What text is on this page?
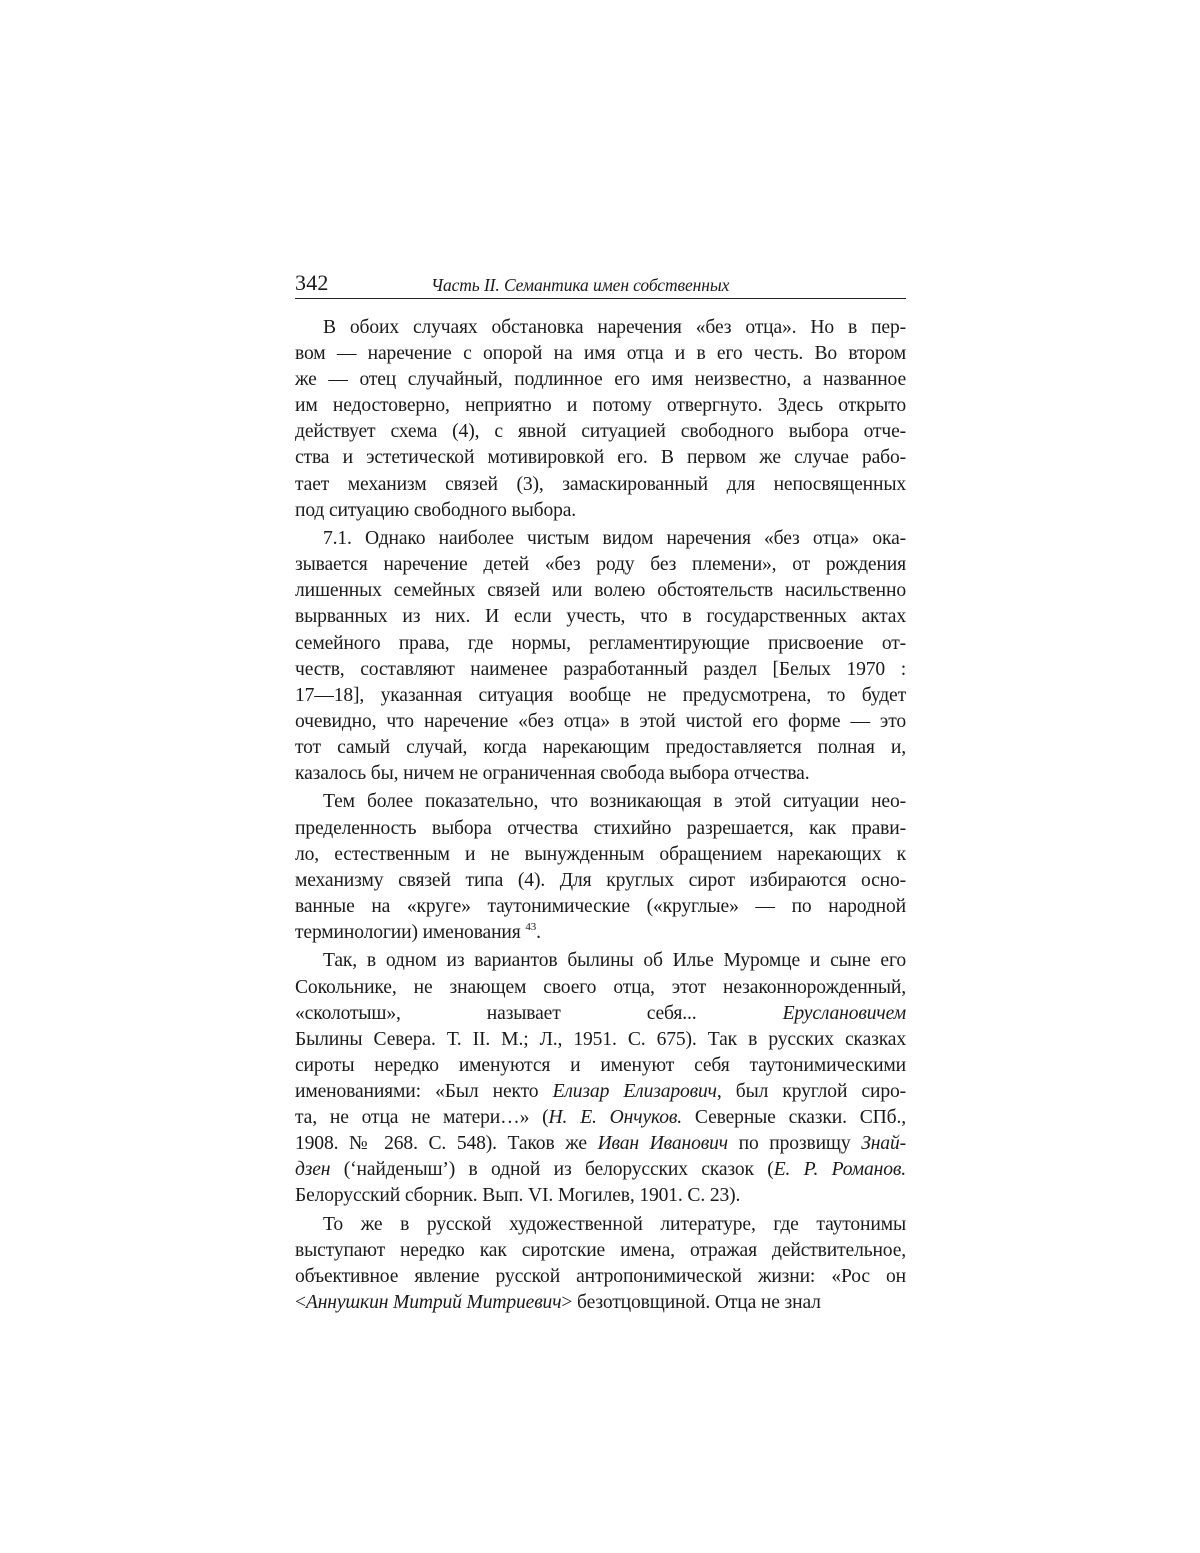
342	Часть II. Семантика имен собственных
В обоих случаях обстановка наречения «без отца». Но в пер-
вом — наречение с опорой на имя отца и в его честь. Во втором
же — отец случайный, подлинное его имя неизвестно, а названное
им недостоверно, неприятно и потому отвергнуто. Здесь открыто
действует схема (4), с явной ситуацией свободного выбора отче-
ства и эстетической мотивировкой его. В первом же случае рабо-
тает механизм связей (3), замаскированный для непосвященных
под ситуацию свободного выбора.
7.1. Однако наиболее чистым видом наречения «без отца» ока-
зывается наречение детей «без роду без племени», от рождения
лишенных семейных связей или волею обстоятельств насильственно
вырванных из них. И если учесть, что в государственных актах
семейного права, где нормы, регламентирующие присвоение от-
честв, составляют наименее разработанный раздел [Белых 1970 :
17—18], указанная ситуация вообще не предусмотрена, то будет
очевидно, что наречение «без отца» в этой чистой его форме — это
тот самый случай, когда нарекающим предоставляется полная и,
казалось бы, ничем не ограниченная свобода выбора отчества.
Тем более показательно, что возникающая в этой ситуации нео-
пределенность выбора отчества стихийно разрешается, как прави-
ло, естественным и не вынужденным обращением нарекающих к
механизму связей типа (4). Для круглых сирот избираются осно-
ванные на «круге» таутонимические («круглые» — по народной
терминологии) именования $^{43}$.
Так, в одном из вариантов былины об Илье Муромце и сыне его
Сокольнике, не знающем своего отца, этот незаконнорожденный,
«сколотыш», называет себя... Еруслановичем
Былины Севера. Т. II. М.; Л., 1951. С. 675). Так в русских сказках
сироты нередко именуются и именуют себя таутонимическими
именованиями: «Был некто Елизар Елизарович, был круглой сиро-
та, не отца не матери…» (Н. Е. Ончуков. Северные сказки. СПб.,
1908. № 268. С. 548). Таков же Иван Иванович по прозвищу Знай-
дзен (‘найденыш’) в одной из белорусских сказок (Е. Р. Романов.
Белорусский сборник. Вып. VI. Могилев, 1901. С. 23).
То же в русской художественной литературе, где таутонимы
выступают нередко как сиротские имена, отражая действительное,
объективное явление русской антропонимической жизни: «Рос он
<Аннушкин Митрий Митриевич> безотцовщиной. Отца не знал
